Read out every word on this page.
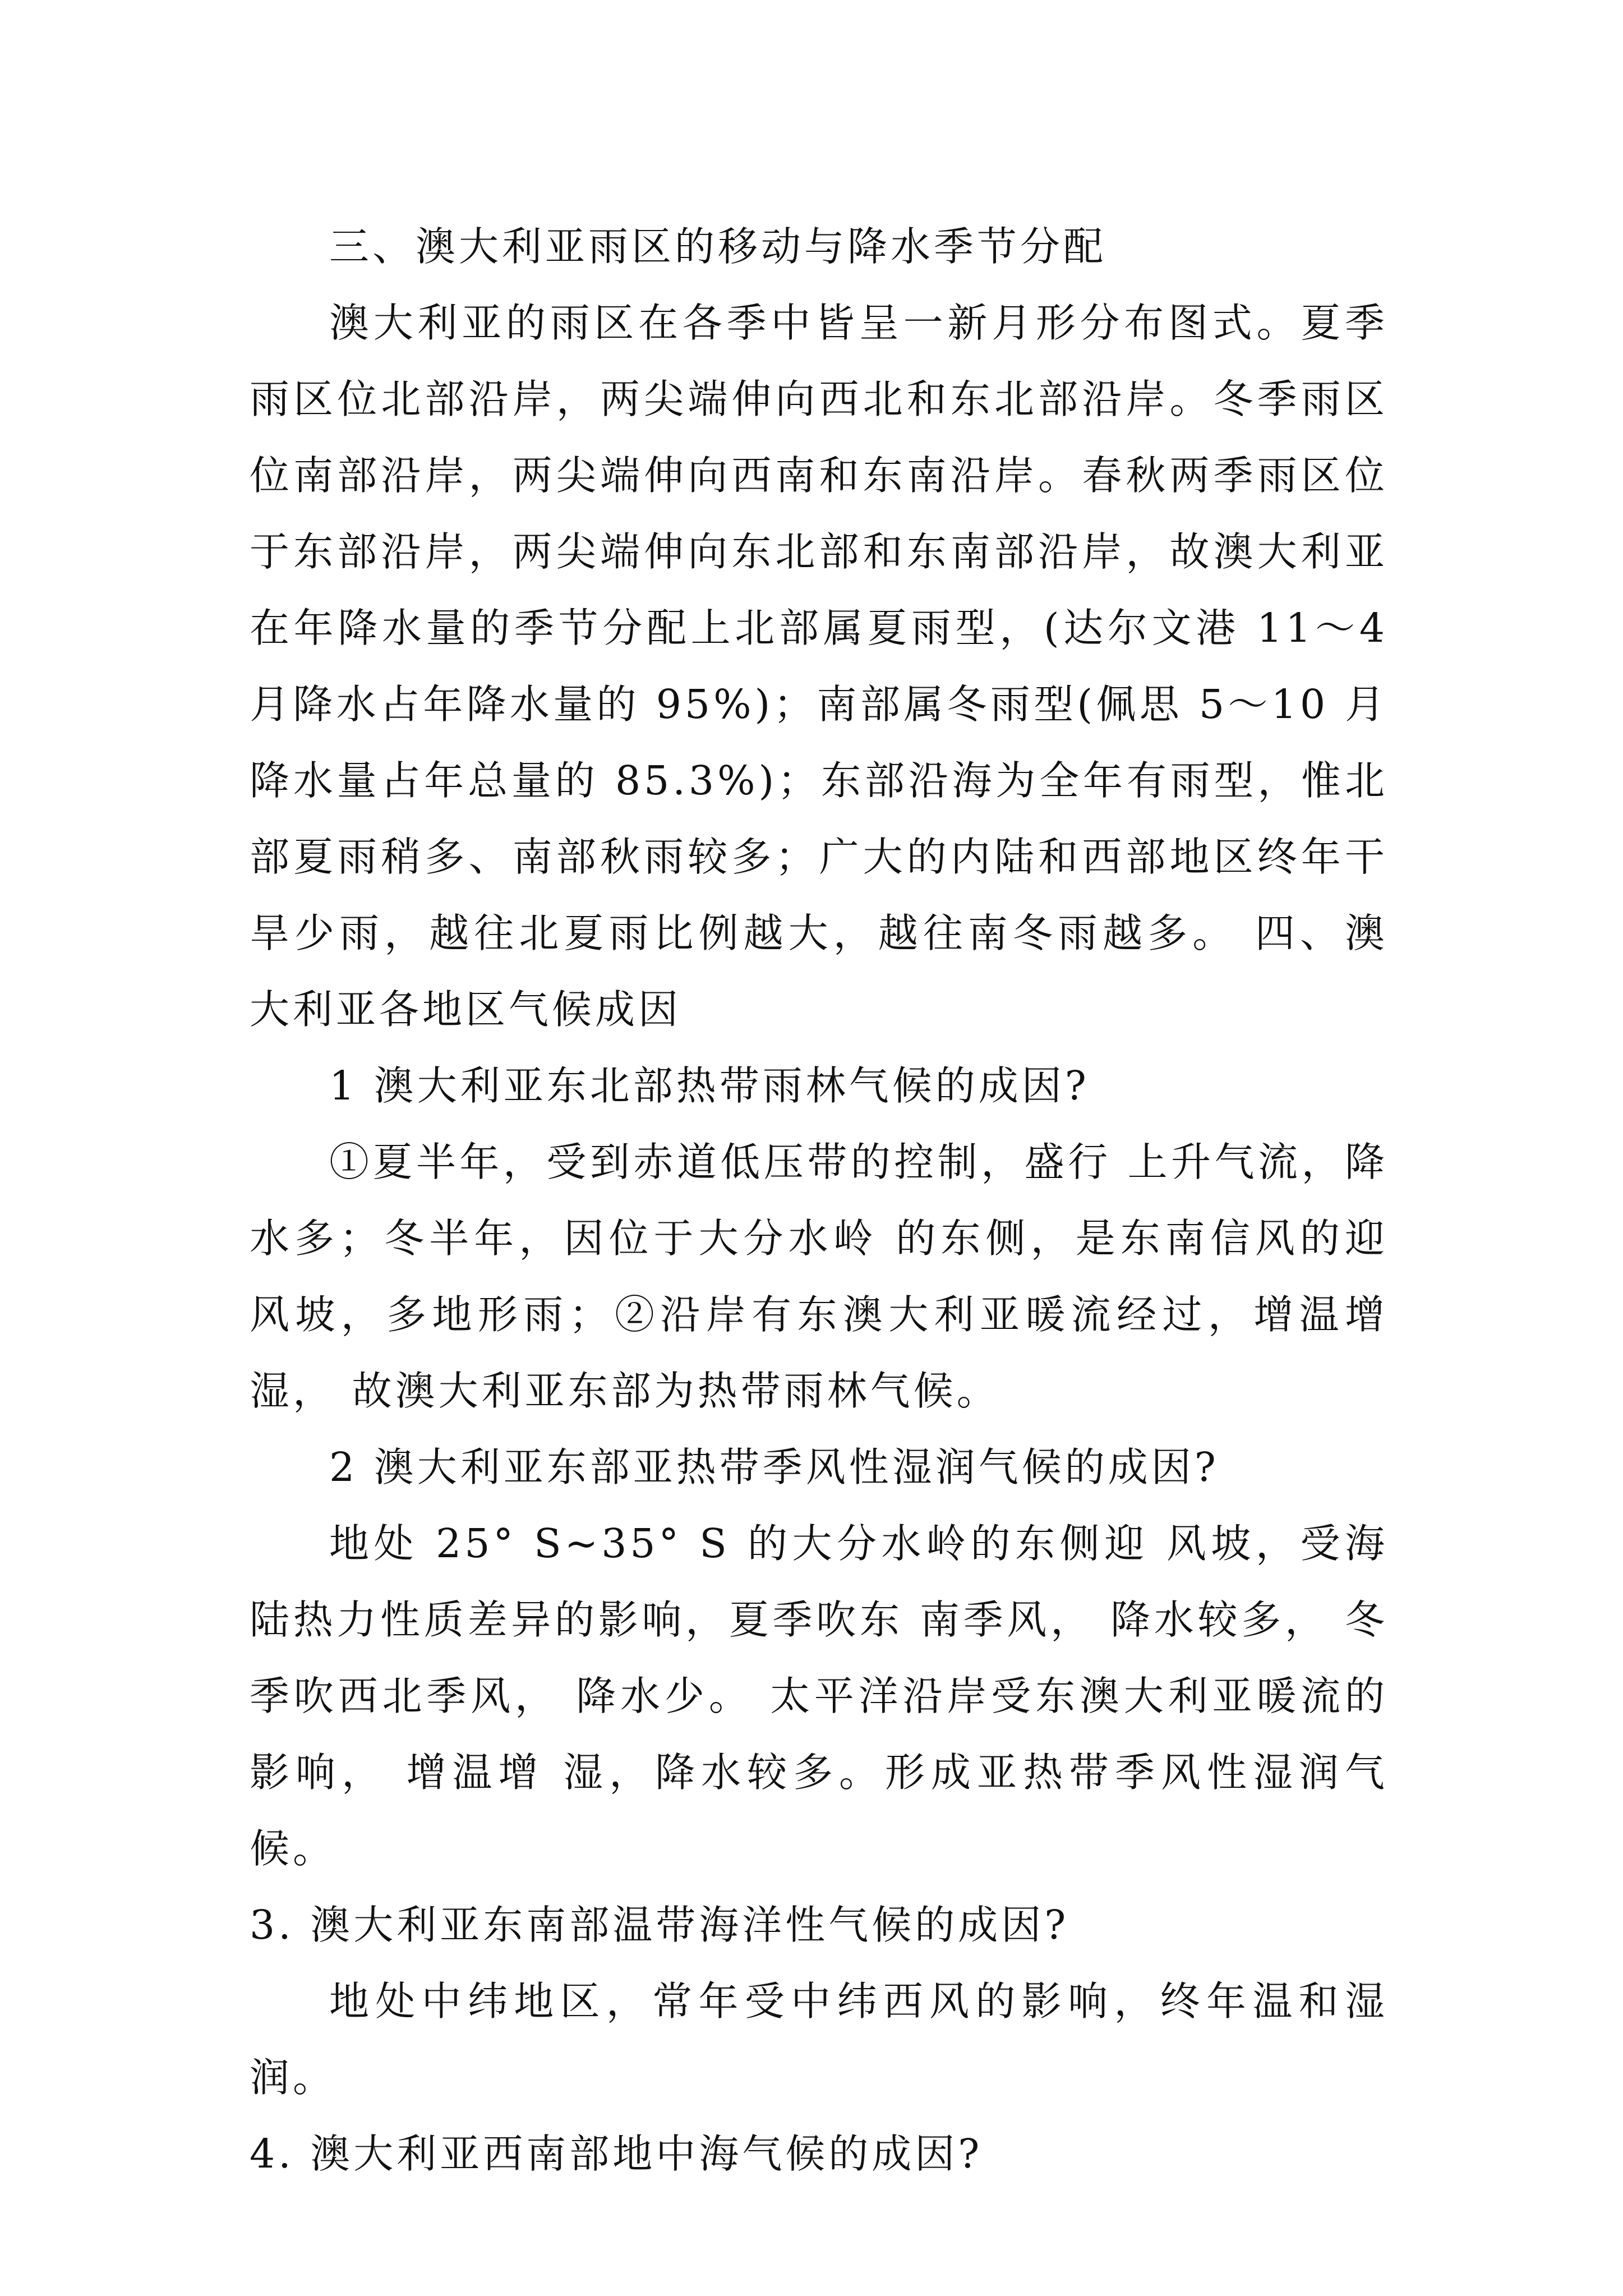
三、澳大利亚雨区的移动与降水季节分配

澳大利亚的雨区在各季中皆呈一新月形分布图式。夏季雨区位北部沿岸，两尖端伸向西北和东北部沿岸。冬季雨区位南部沿岸，两尖端伸向西南和东南沿岸。春秋两季雨区位于东部沿岸，两尖端伸向东北部和东南部沿岸，故澳大利亚在年降水量的季节分配上北部属夏雨型，(达尔文港 11～4 月降水占年降水量的 95%)；南部属冬雨型(佩思 5～10 月降水量占年总量的 85.3%)；东部沿海为全年有雨型，惟北部夏雨稍多、南部秋雨较多；广大的内陆和西部地区终年干旱少雨，越往北夏雨比例越大，越往南冬雨越多。 四、澳大利亚各地区气候成因

1 澳大利亚东北部热带雨林气候的成因?

①夏半年，受到赤道低压带的控制，盛行 上升气流，降水多；冬半年，因位于大分水岭 的东侧，是东南信风的迎风坡，多地形雨；②沿岸有东澳大利亚暖流经过，增温增湿， 故澳大利亚东部为热带雨林气候。

2 澳大利亚东部亚热带季风性湿润气候的成因?

地处 25° S~35° S 的大分水岭的东侧迎 风坡，受海陆热力性质差异的影响，夏季吹东 南季风， 降水较多， 冬季吹西北季风， 降水少。 太平洋沿岸受东澳大利亚暖流的影响， 增温增 湿，降水较多。形成亚热带季风性湿润气候。

3. 澳大利亚东南部温带海洋性气候的成因?

地处中纬地区，常年受中纬西风的影响，终年温和湿润。

4. 澳大利亚西南部地中海气候的成因?
